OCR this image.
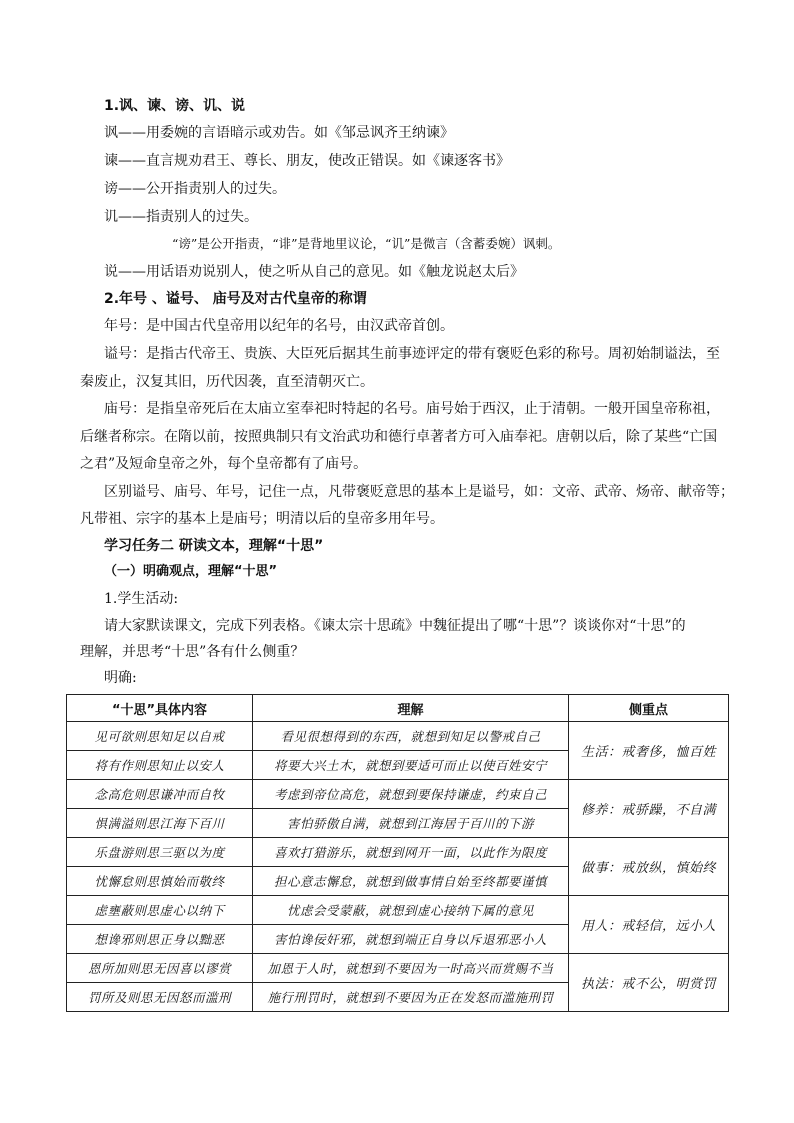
1.讽、谏、谤、讥、说
讽——用委婉的言语暗示或劝告。如《邹忌讽齐王纳谏》
谏——直言规劝君王、尊长、朋友，使改正错误。如《谏逐客书》
谤——公开指责别人的过失。
讥——指责别人的过失。
“谤”是公开指责，“诽”是背地里议论，“讥”是微言（含蓄委婉）讽刺。
说——用话语劝说别人，使之听从自己的意见。如《触龙说赵太后》
2.年号 、谥号、 庙号及对古代皇帝的称谓
年号：是中国古代皇帝用以纪年的名号，由汉武帝首创。
谥号：是指古代帝王、贵族、大臣死后据其生前事迹评定的带有褒贬色彩的称号。周初始制谥法，至
秦废止，汉复其旧，历代因袭，直至清朝灭亡。
庙号：是指皇帝死后在太庙立室奉祀时特起的名号。庙号始于西汉，止于清朝。一般开国皇帝称祖，
后继者称宗。在隋以前，按照典制只有文治武功和德行卓著者方可入庙奉祀。唐朝以后，除了某些“亡国
之君”及短命皇帝之外，每个皇帝都有了庙号。
区别谥号、庙号、年号，记住一点，凡带褒贬意思的基本上是谥号，如：文帝、武帝、炀帝、献帝等；
凡带祖、宗字的基本上是庙号；明清以后的皇帝多用年号。
学习任务二 研读文本，理解“十思”
（一）明确观点，理解“十思”
1.学生活动:
请大家默读课文，完成下列表格。《谏太宗十思疏》中魏征提出了哪“十思”？谈谈你对“十思”的
理解，并思考“十思”各有什么侧重？
明确:
“十思”具体内容	理解	侧重点
见可欲则思知足以自戒	看见很想得到的东西，就想到知足以警戒自己	生活：戒奢侈，恤百姓
将有作则思知止以安人	将要大兴土木，就想到要适可而止以使百姓安宁	
念高危则思谦冲而自牧	考虑到帝位高危，就想到要保持谦虚，约束自己	修养：戒骄躁，不自满
惧满溢则思江海下百川	害怕骄傲自满，就想到江海居于百川的下游	
乐盘游则思三驱以为度	喜欢打猎游乐，就想到网开一面，以此作为限度	做事：戒放纵，慎始终
忧懈怠则思慎始而敬终	担心意志懈怠，就想到做事情自始至终都要谨慎	
虑壅蔽则思虚心以纳下	忧虑会受蒙蔽，就想到虚心接纳下属的意见	用人：戒轻信，远小人
想谗邪则思正身以黜恶	害怕谗佞奸邪，就想到端正自身以斥退邪恶小人	
恩所加则思无因喜以谬赏	加恩于人时，就想到不要因为一时高兴而赏赐不当	执法：戒不公，明赏罚
罚所及则思无因怒而滥刑	施行刑罚时，就想到不要因为正在发怒而滥施刑罚	
